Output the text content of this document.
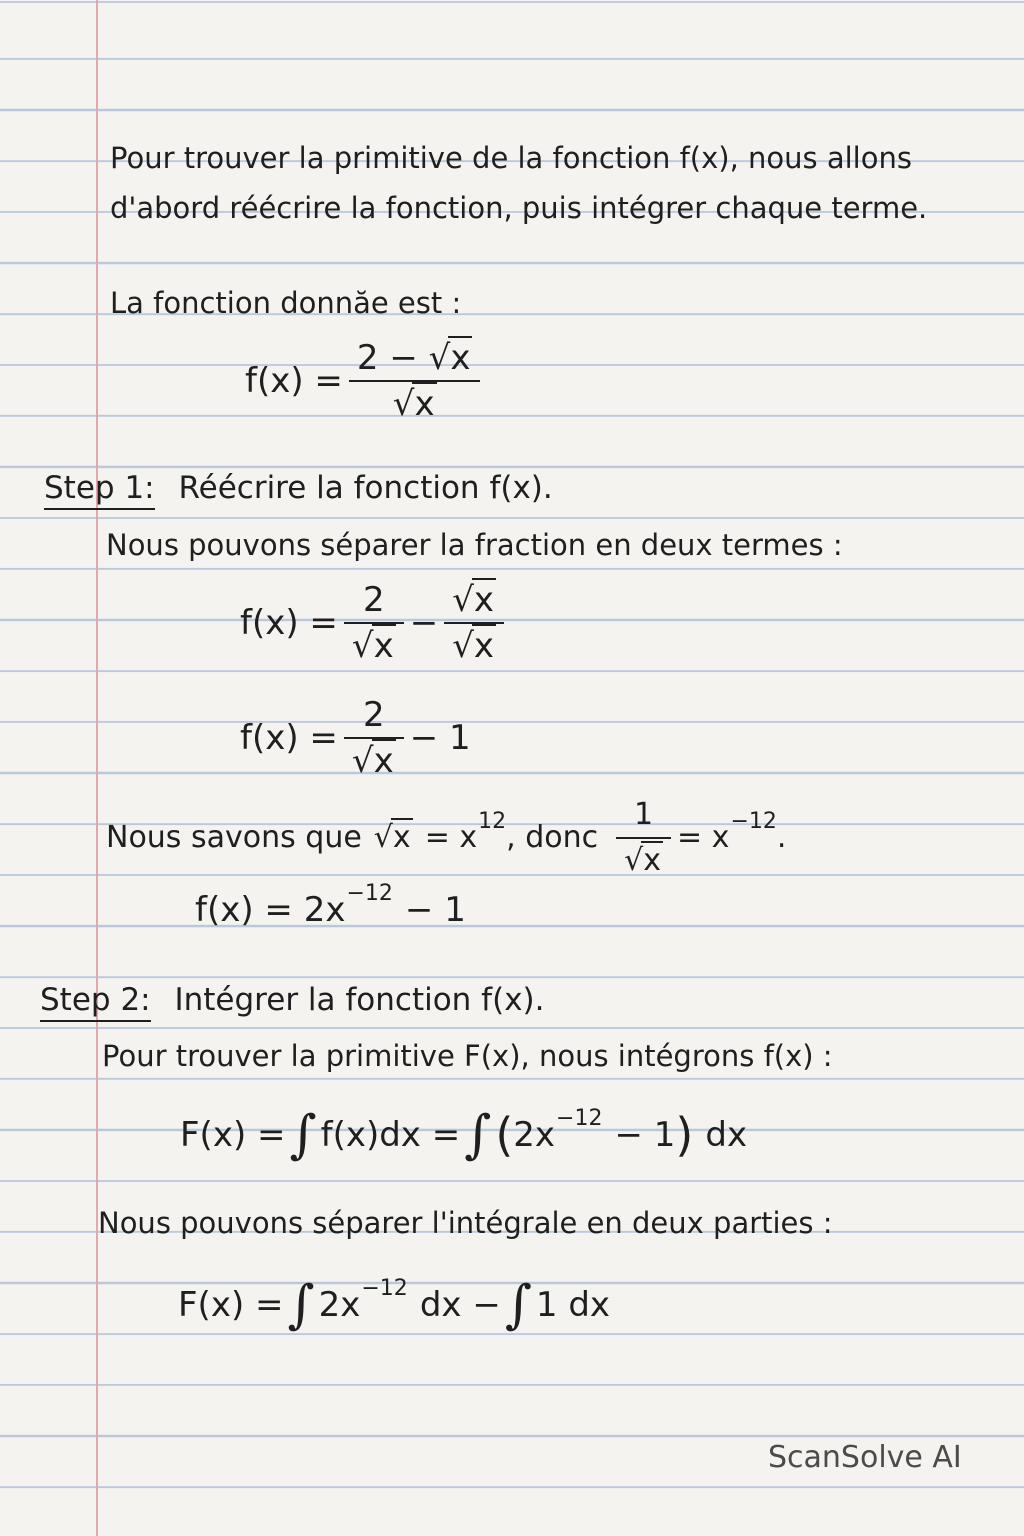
Pour trouver la primitive de la fonction f(x), nous allons
d'abord réécrire la fonction, puis intégrer chaque terme.
La fonction donnăe est :
$f(x) = \frac{2 - √x}{√x}$
Step 1: Réécrire la fonction f(x).
Nous pouvons séparer la fraction en deux termes :
$f(x) = \frac{2}{√x} - \frac{√x}{√x}$
$f(x) = \frac{2}{√x} - 1$
Nous savons que √x = x 12 , donc $\frac{1}{√x} = x -12$ .
f(x) = 2x −12 − 1
Step 2: Intégrer la fonction f(x).
Pour trouver la primitive F(x), nous intégrons f(x) :
F(x) = ∫ f(x)dx = ∫ ( 2x −12 − 1 ) dx
Nous pouvons séparer l'intégrale en deux parties :
F(x) = ∫ 2x −12 dx − ∫ 1 dx
ScanSolve AI
